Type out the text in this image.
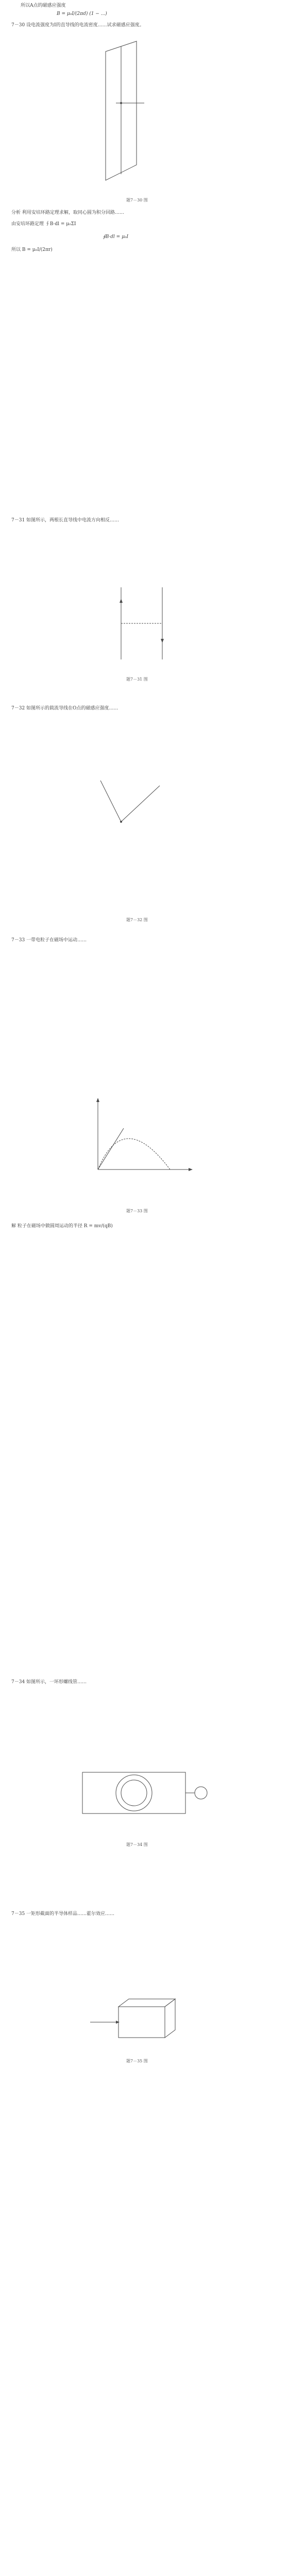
所以A点的磁感应强度
B = μ₀I/(2πd) (1 − ...)
7－30 设电流强度为I的直导线的电流密度……试求磁感应强度。
题7－30 图
分析 利用安培环路定理求解，取同心圆为积分回路……
由安培环路定理 ∮B·dl = μ₀ΣI
∮B·dl = μ₀I
所以 B = μ₀I/(2πr)
7－31 如图所示，两根长直导线中电流方向相反……
题7－31 图
7－32 如图所示的载流导线在O点的磁感应强度……
题7－32 图
7－33 一带电粒子在磁场中运动……
题7－33 图
解 粒子在磁场中做圆周运动的半径 R = mv/(qB)
7－34 如图所示，一环形螺线管……
题7－34 图
7－35 一矩形截面的半导体样品……霍尔效应……
题7－35 图
